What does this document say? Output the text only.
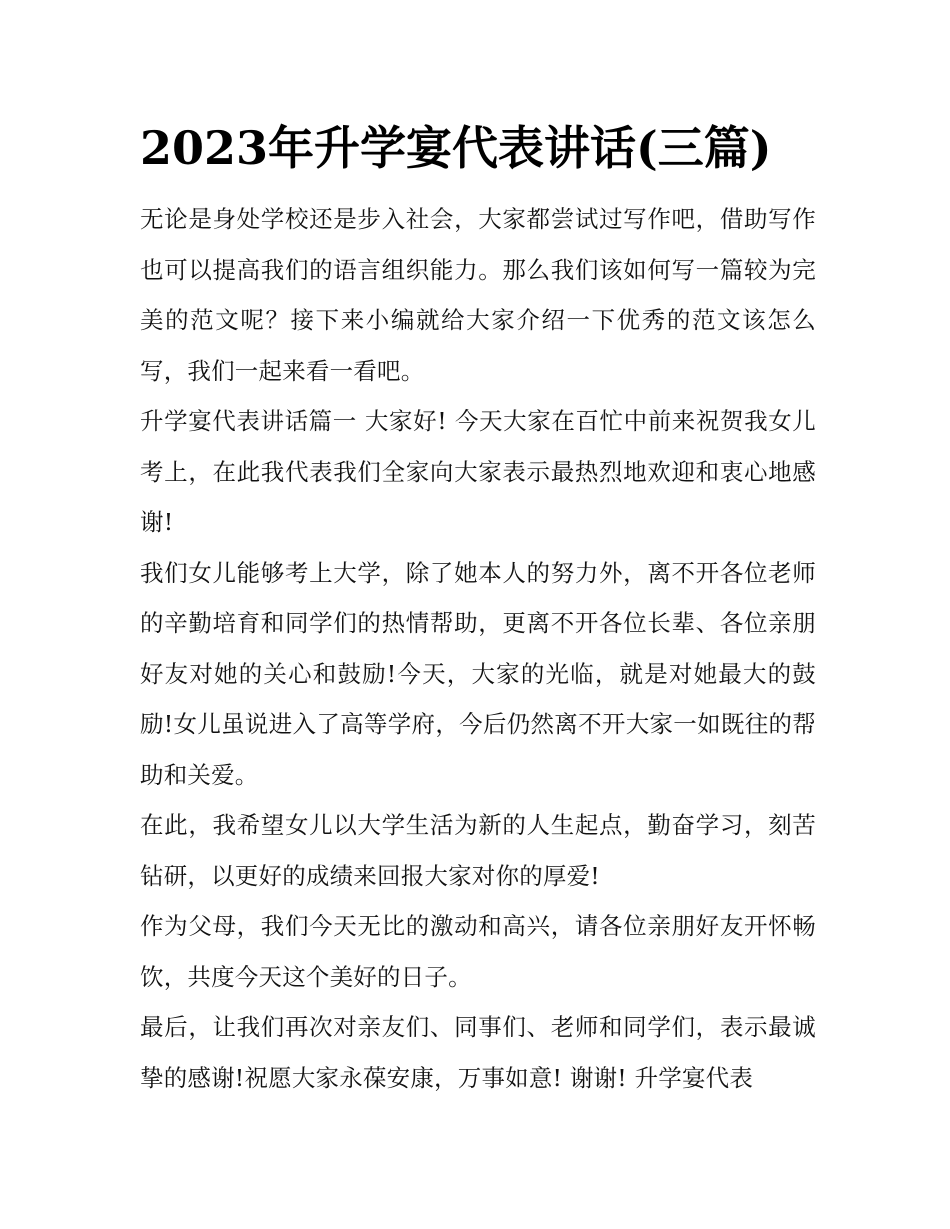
2023年升学宴代表讲话(三篇)

无论是身处学校还是步入社会，大家都尝试过写作吧，借助写作也可以提高我们的语言组织能力。那么我们该如何写一篇较为完美的范文呢？接下来小编就给大家介绍一下优秀的范文该怎么写，我们一起来看一看吧。

升学宴代表讲话篇一 大家好! 今天大家在百忙中前来祝贺我女儿考上，在此我代表我们全家向大家表示最热烈地欢迎和衷心地感谢!

我们女儿能够考上大学，除了她本人的努力外，离不开各位老师的辛勤培育和同学们的热情帮助，更离不开各位长辈、各位亲朋好友对她的关心和鼓励!今天，大家的光临，就是对她最大的鼓励!女儿虽说进入了高等学府，今后仍然离不开大家一如既往的帮助和关爱。

在此，我希望女儿以大学生活为新的人生起点，勤奋学习，刻苦钻研，以更好的成绩来回报大家对你的厚爱!

作为父母，我们今天无比的激动和高兴，请各位亲朋好友开怀畅饮，共度今天这个美好的日子。

最后，让我们再次对亲友们、同事们、老师和同学们，表示最诚挚的感谢!祝愿大家永葆安康，万事如意! 谢谢! 升学宴代表
